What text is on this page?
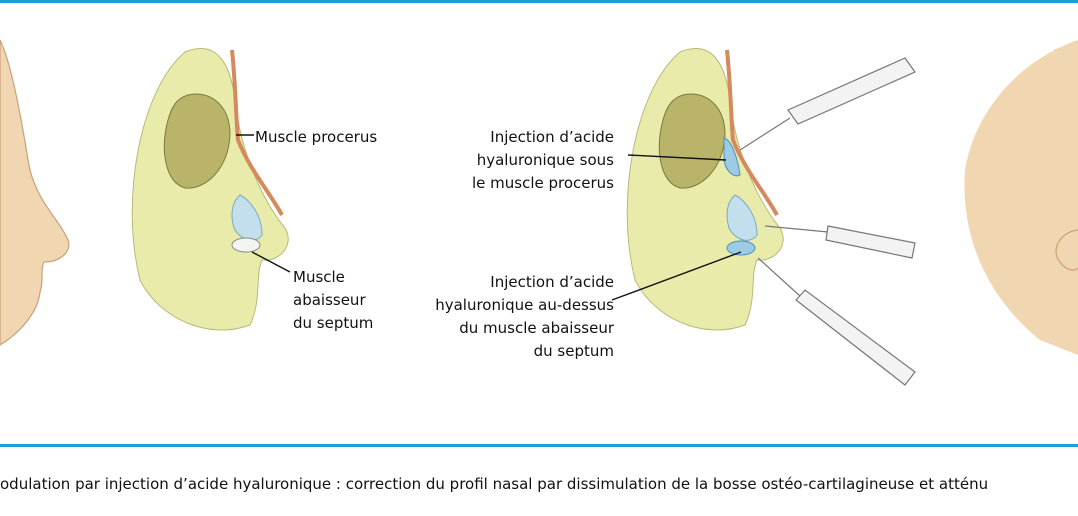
Muscle procerus
Muscle
abaisseur
du septum
Injection d’acide
hyaluronique sous
le muscle procerus
Injection d’acide
hyaluronique au-dessus
du muscle abaisseur
du septum
odulation par injection d’acide hyaluronique : correction du profil nasal par dissimulation de la bosse ostéo-cartilagineuse et atténu
